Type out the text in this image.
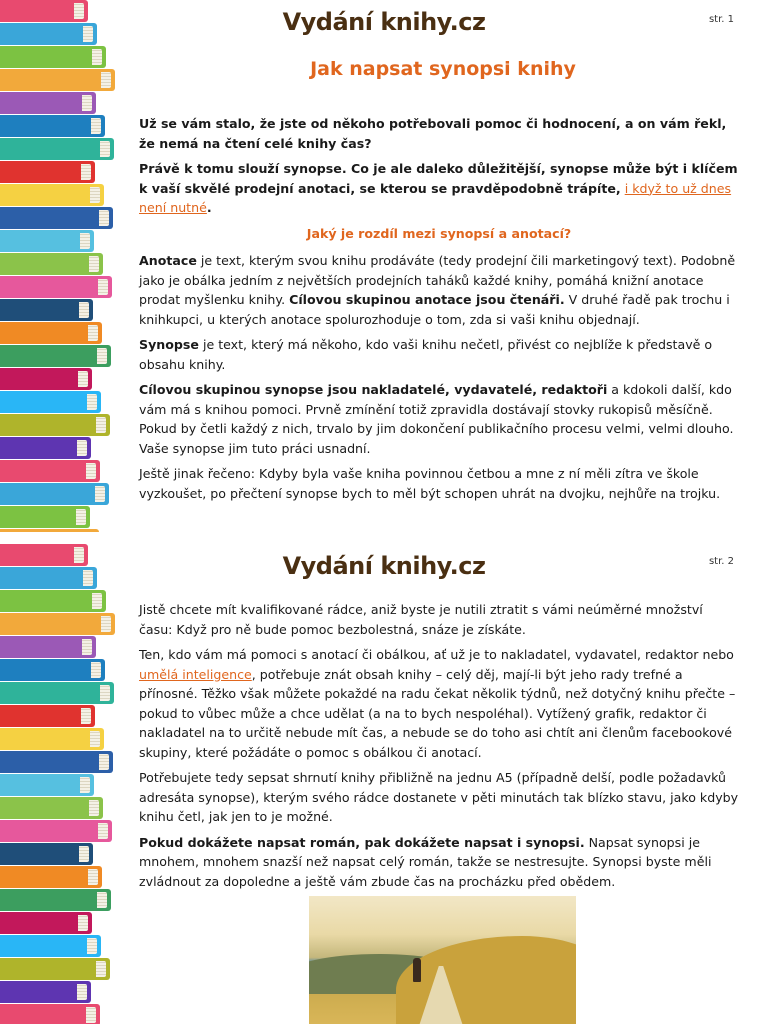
Vydání knihy.cz	str. 1
Jak napsat synopsi knihy

Už se vám stalo, že jste od někoho potřebovali pomoc či hodnocení, a on vám řekl, že nemá na čtení celé knihy čas?

Právě k tomu slouží synopse. Co je ale daleko důležitější, synopse může být i klíčem k vaší skvělé prodejní anotaci, se kterou se pravděpodobně trápíte, i když to už dnes není nutné.

Jaký je rozdíl mezi synopsí a anotací?

Anotace je text, kterým svou knihu prodáváte (tedy prodejní čili marketingový text). Podobně jako je obálka jedním z největších prodejních taháků každé knihy, pomáhá knižní anotace prodat myšlenku knihy. Cílovou skupinou anotace jsou čtenáři. V druhé řadě pak trochu i knihkupci, u kterých anotace spolurozhoduje o tom, zda si vaši knihu objednají.

Synopse je text, který má někoho, kdo vaši knihu nečetl, přivést co nejblíže k představě o obsahu knihy.

Cílovou skupinou synopse jsou nakladatelé, vydavatelé, redaktoři a kdokoli další, kdo vám má s knihou pomoci. Prvně zmínění totiž zpravidla dostávají stovky rukopisů měsíčně. Pokud by četli každý z nich, trvalo by jim dokončení publikačního procesu velmi, velmi dlouho. Vaše synopse jim tuto práci usnadní.

Ještě jinak řečeno: Kdyby byla vaše kniha povinnou četbou a mne z ní měli zítra ve škole vyzkoušet, po přečtení synopse bych to měl být schopen uhrát na dvojku, nejhůře na trojku.

Vydání knihy.cz	str. 2

Jistě chcete mít kvalifikované rádce, aniž byste je nutili ztratit s vámi neúměrné množství času: Když pro ně bude pomoc bezbolestná, snáze je získáte.

Ten, kdo vám má pomoci s anotací či obálkou, ať už je to nakladatel, vydavatel, redaktor nebo umělá inteligence, potřebuje znát obsah knihy – celý děj, mají-li být jeho rady trefné a přínosné. Těžko však můžete pokaždé na radu čekat několik týdnů, než dotyčný knihu přečte – pokud to vůbec může a chce udělat (a na to bych nespoléhal). Vytížený grafik, redaktor či nakladatel na to určitě nebude mít čas, a nebude se do toho asi chtít ani členům facebookové skupiny, které požádáte o pomoc s obálkou či anotací.

Potřebujete tedy sepsat shrnutí knihy přibližně na jednu A5 (případně delší, podle požadavků adresáta synopse), kterým svého rádce dostanete v pěti minutách tak blízko stavu, jako kdyby knihu četl, jak jen to je možné.

Pokud dokážete napsat román, pak dokážete napsat i synopsi. Napsat synopsi je mnohem, mnohem snazší než napsat celý román, takže se nestresujte. Synopsi byste měli zvládnout za dopoledne a ještě vám zbude čas na procházku před obědem.
